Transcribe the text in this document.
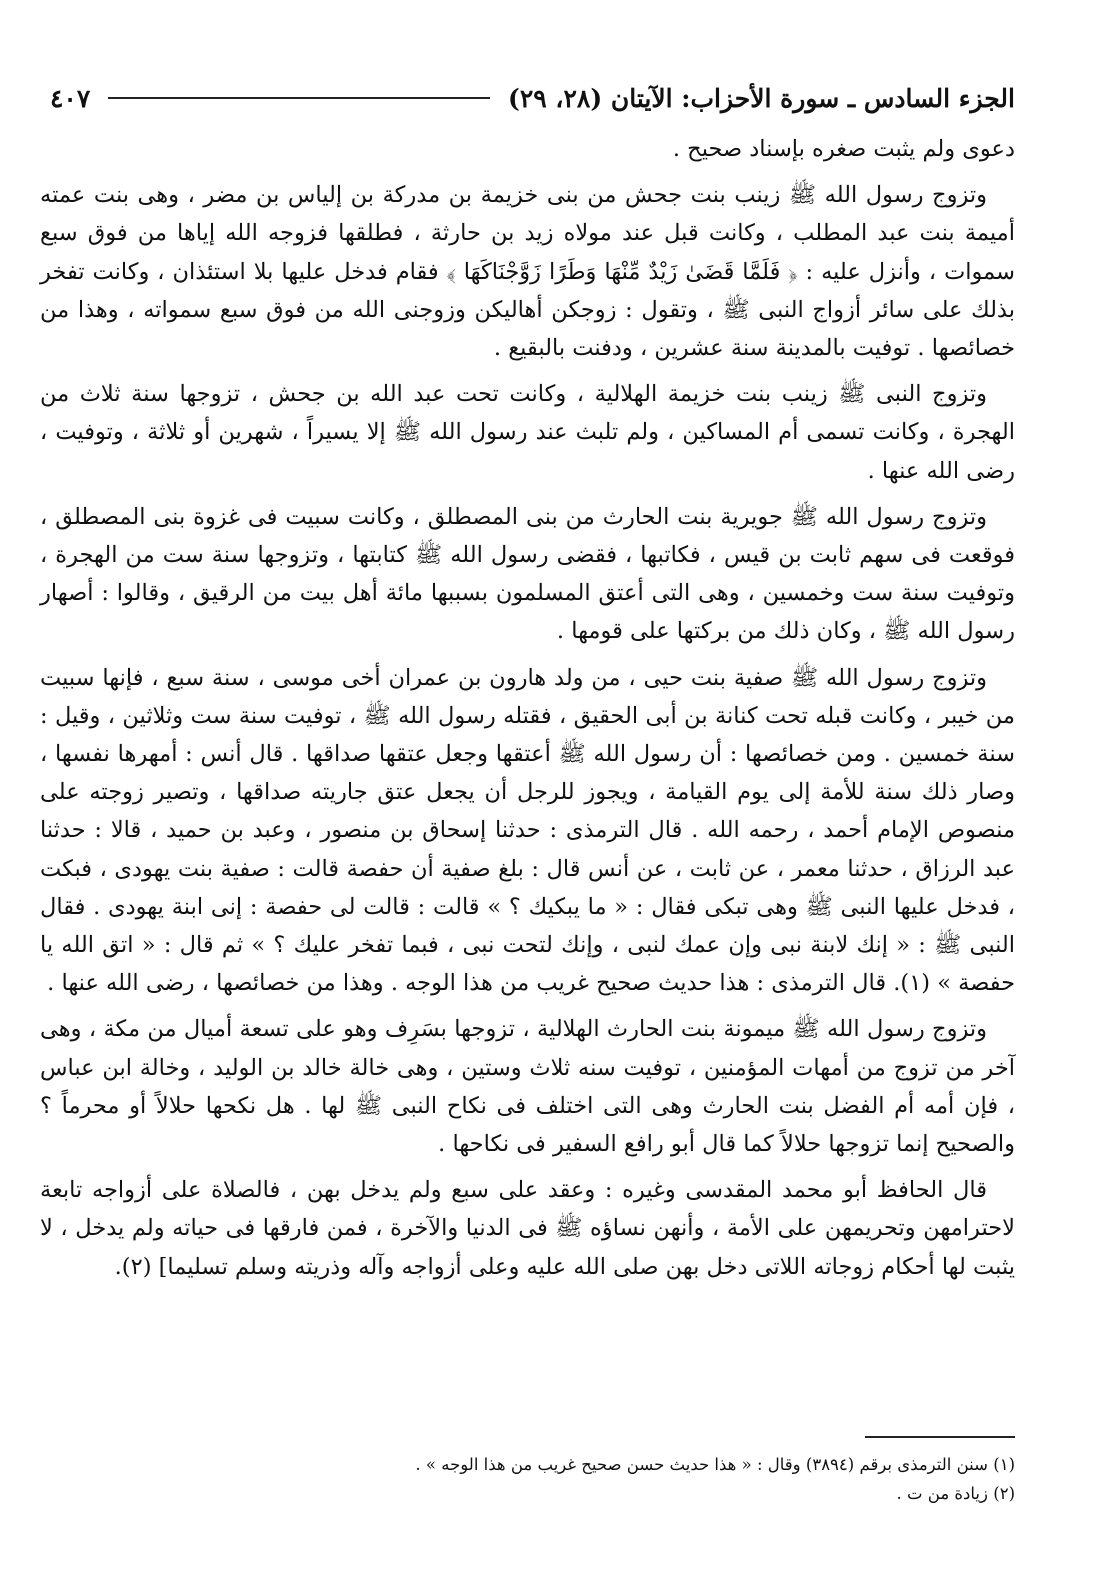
الجزء السادس ـ سورة الأحزاب: الآيتان (٢٨، ٢٩)
٤٠٧

دعوى ولم يثبت صغره بإسناد صحيح .

وتزوج رسول الله ﷺ زينب بنت جحش من بنى خزيمة بن مدركة بن إلياس بن مضر ، وهى بنت عمته أميمة بنت عبد المطلب ، وكانت قبل عند مولاه زيد بن حارثة ، فطلقها فزوجه الله إياها من فوق سبع سموات ، وأنزل عليه : ﴿ فَلَمَّا قَضَىٰ زَيْدٌ مِّنْهَا وَطَرًا زَوَّجْنَاكَهَا ﴾ فقام فدخل عليها بلا استئذان ، وكانت تفخر بذلك على سائر أزواج النبى ﷺ ، وتقول : زوجكن أهاليكن وزوجنى الله من فوق سبع سمواته ، وهذا من خصائصها . توفيت بالمدينة سنة عشرين ، ودفنت بالبقيع .

وتزوج النبى ﷺ زينب بنت خزيمة الهلالية ، وكانت تحت عبد الله بن جحش ، تزوجها سنة ثلاث من الهجرة ، وكانت تسمى أم المساكين ، ولم تلبث عند رسول الله ﷺ إلا يسيراً ، شهرين أو ثلاثة ، وتوفيت ، رضى الله عنها .

وتزوج رسول الله ﷺ جويرية بنت الحارث من بنى المصطلق ، وكانت سبيت فى غزوة بنى المصطلق ، فوقعت فى سهم ثابت بن قيس ، فكاتبها ، فقضى رسول الله ﷺ كتابتها ، وتزوجها سنة ست من الهجرة ، وتوفيت سنة ست وخمسين ، وهى التى أعتق المسلمون بسببها مائة أهل بيت من الرقيق ، وقالوا : أصهار رسول الله ﷺ ، وكان ذلك من بركتها على قومها .

وتزوج رسول الله ﷺ صفية بنت حيى ، من ولد هارون بن عمران أخى موسى ، سنة سبع ، فإنها سبيت من خيبر ، وكانت قبله تحت كنانة بن أبى الحقيق ، فقتله رسول الله ﷺ ، توفيت سنة ست وثلاثين ، وقيل : سنة خمسين . ومن خصائصها : أن رسول الله ﷺ أعتقها وجعل عتقها صداقها . قال أنس : أمهرها نفسها ، وصار ذلك سنة للأمة إلى يوم القيامة ، ويجوز للرجل أن يجعل عتق جاريته صداقها ، وتصير زوجته على منصوص الإمام أحمد ، رحمه الله . قال الترمذى : حدثنا إسحاق بن منصور ، وعبد بن حميد ، قالا : حدثنا عبد الرزاق ، حدثنا معمر ، عن ثابت ، عن أنس قال : بلغ صفية أن حفصة قالت : صفية بنت يهودى ، فبكت ، فدخل عليها النبى ﷺ وهى تبكى فقال : « ما يبكيك ؟ » قالت : قالت لى حفصة : إنى ابنة يهودى . فقال النبى ﷺ : « إنك لابنة نبى وإن عمك لنبى ، وإنك لتحت نبى ، فبما تفخر عليك ؟ » ثم قال : « اتق الله يا حفصة » (١). قال الترمذى : هذا حديث صحيح غريب من هذا الوجه . وهذا من خصائصها ، رضى الله عنها .

وتزوج رسول الله ﷺ ميمونة بنت الحارث الهلالية ، تزوجها بسَرِف وهو على تسعة أميال من مكة ، وهى آخر من تزوج من أمهات المؤمنين ، توفيت سنه ثلاث وستين ، وهى خالة خالد بن الوليد ، وخالة ابن عباس ، فإن أمه أم الفضل بنت الحارث وهى التى اختلف فى نكاح النبى ﷺ لها . هل نكحها حلالاً أو محرماً ؟ والصحيح إنما تزوجها حلالاً كما قال أبو رافع السفير فى نكاحها .

قال الحافظ أبو محمد المقدسى وغيره : وعقد على سبع ولم يدخل بهن ، فالصلاة على أزواجه تابعة لاحترامهن وتحريمهن على الأمة ، وأنهن نساؤه ﷺ فى الدنيا والآخرة ، فمن فارقها فى حياته ولم يدخل ، لا يثبت لها أحكام زوجاته اللاتى دخل بهن صلى الله عليه وعلى أزواجه وآله وذريته وسلم تسليما] (٢).

(١) سنن الترمذى برقم (٣٨٩٤) وقال : « هذا حديث حسن صحيح غريب من هذا الوجه » .

(٢) زيادة من ت .
